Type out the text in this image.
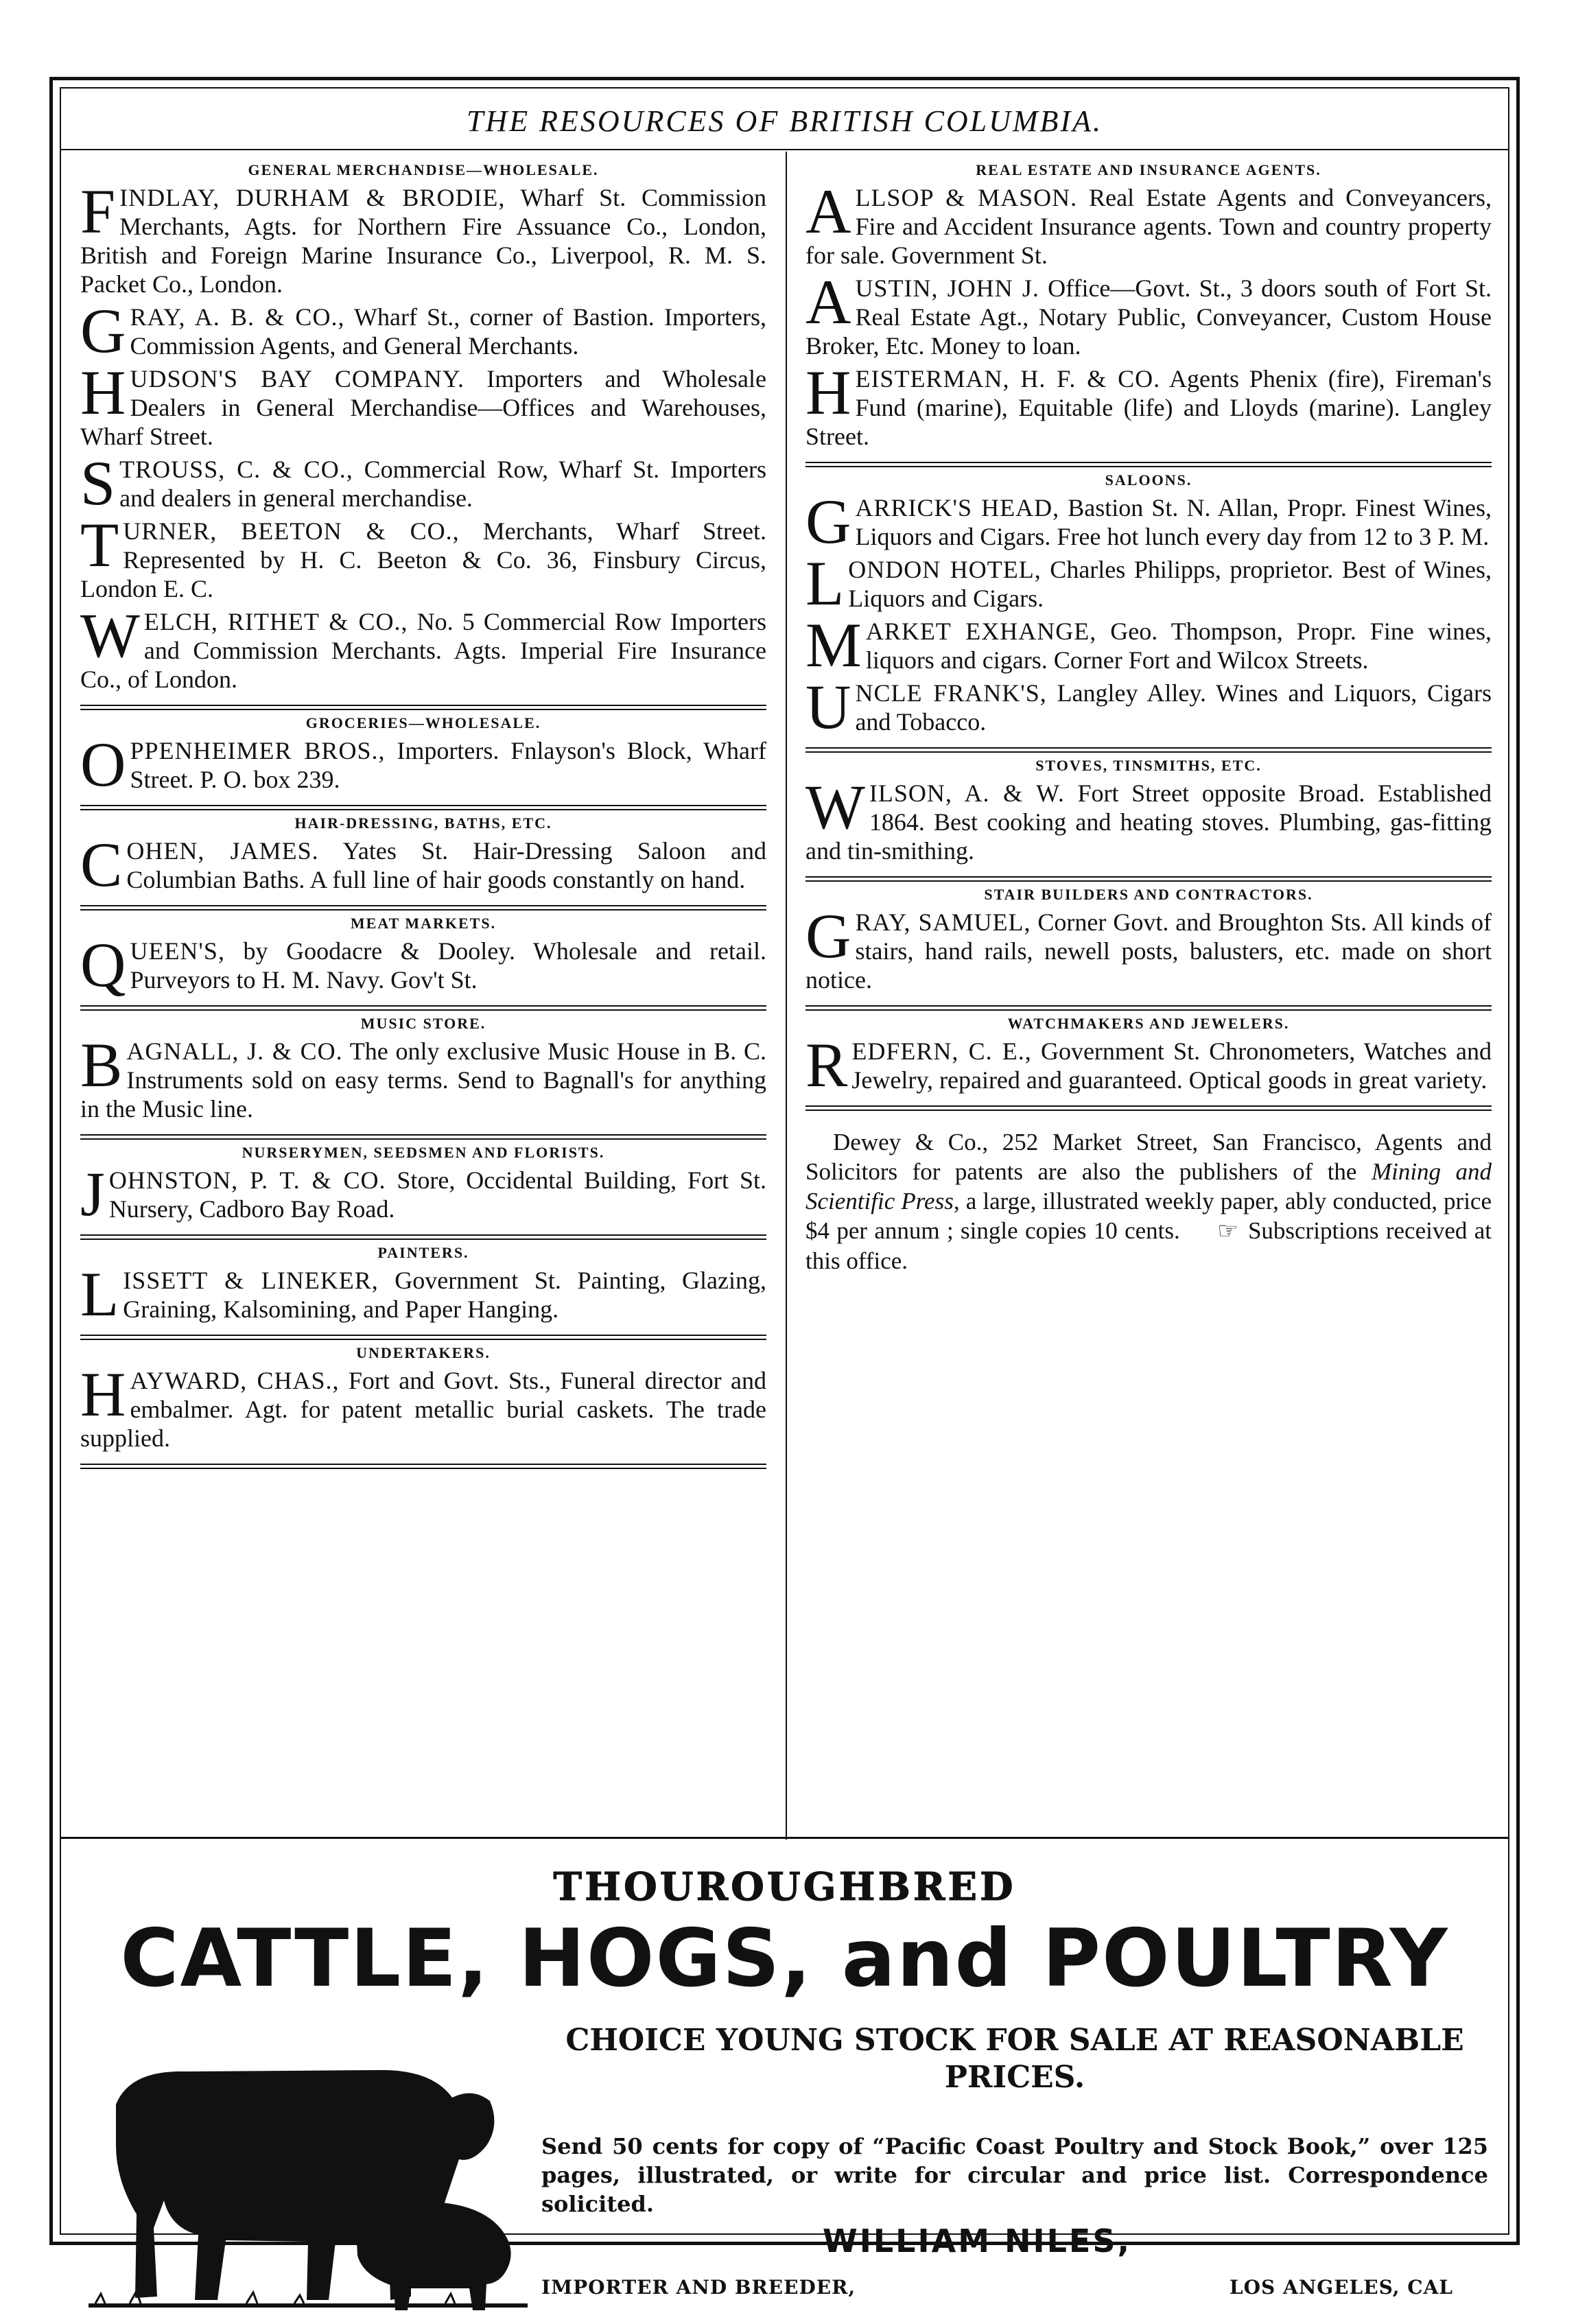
THE RESOURCES OF BRITISH COLUMBIA.
GENERAL MERCHANDISE—WHOLESALE.
FINDLAY, DURHAM & BRODIE, Wharf St. Commission Merchants, Agts. for Northern Fire Assuance Co., London, British and Foreign Marine Insurance Co., Liverpool, R. M. S. Packet Co., London.
GRAY, A. B. & CO., Wharf St., corner of Bastion. Importers, Commission Agents, and General Merchants.
HUDSON'S BAY COMPANY. Importers and Wholesale Dealers in General Merchandise—Offices and Warehouses, Wharf Street.
STROUSS, C. & CO., Commercial Row, Wharf St. Importers and dealers in general merchandise.
TURNER, BEETON & CO., Merchants, Wharf Street. Represented by H. C. Beeton & Co. 36, Finsbury Circus, London E. C.
WELCH, RITHET & CO., No. 5 Commercial Row Importers and Commission Merchants. Agts. Imperial Fire Insurance Co., of London.
GROCERIES—WHOLESALE.
OPPENHEIMER BROS., Importers. Fnlayson's Block, Wharf Street. P. O. box 239.
HAIR-DRESSING, BATHS, ETC.
COHEN, JAMES. Yates St. Hair-Dressing Saloon and Columbian Baths. A full line of hair goods constantly on hand.
MEAT MARKETS.
QUEEN'S, by Goodacre & Dooley. Wholesale and retail. Purveyors to H. M. Navy. Gov't St.
MUSIC STORE.
BAGNALL, J. & CO. The only exclusive Music House in B. C. Instruments sold on easy terms. Send to Bagnall's for anything in the Music line.
NURSERYMEN, SEEDSMEN AND FLORISTS.
JOHNSTON, P. T. & CO. Store, Occidental Building, Fort St. Nursery, Cadboro Bay Road.
PAINTERS.
LISSETT & LINEKER, Government St. Painting, Glazing, Graining, Kalsomining, and Paper Hanging.
UNDERTAKERS.
HAYWARD, CHAS., Fort and Govt. Sts., Funeral director and embalmer. Agt. for patent metallic burial caskets. The trade supplied.
REAL ESTATE AND INSURANCE AGENTS.
ALLSOP & MASON. Real Estate Agents and Conveyancers, Fire and Accident Insurance agents. Town and country property for sale. Government St.
AUSTIN, JOHN J. Office—Govt. St., 3 doors south of Fort St. Real Estate Agt., Notary Public, Conveyancer, Custom House Broker, Etc. Money to loan.
HEISTERMAN, H. F. & CO. Agents Phenix (fire), Fireman's Fund (marine), Equitable (life) and Lloyds (marine). Langley Street.
SALOONS.
GARRICK'S HEAD, Bastion St. N. Allan, Propr. Finest Wines, Liquors and Cigars. Free hot lunch every day from 12 to 3 P. M.
LONDON HOTEL, Charles Philipps, proprietor. Best of Wines, Liquors and Cigars.
MARKET EXHANGE, Geo. Thompson, Propr. Fine wines, liquors and cigars. Corner Fort and Wilcox Streets.
UNCLE FRANK'S, Langley Alley. Wines and Liquors, Cigars and Tobacco.
STOVES, TINSMITHS, ETC.
WILSON, A. & W. Fort Street opposite Broad. Established 1864. Best cooking and heating stoves. Plumbing, gas-fitting and tin-smithing.
STAIR BUILDERS AND CONTRACTORS.
GRAY, SAMUEL, Corner Govt. and Broughton Sts. All kinds of stairs, hand rails, newell posts, balusters, etc. made on short notice.
WATCHMAKERS AND JEWELERS.
REDFERN, C. E., Government St. Chronometers, Watches and Jewelry, repaired and guaranteed. Optical goods in great variety.
Dewey & Co., 252 Market Street, San Francisco, Agents and Solicitors for patents are also the publishers of the Mining and Scientific Press, a large, illustrated weekly paper, ably conducted, price $4 per annum ; single copies 10 cents. ☞ Subscriptions received at this office.
THOUROUGHBRED
CATTLE, HOGS, and POULTRY
CHOICE YOUNG STOCK FOR SALE AT REASONABLE PRICES.
Send 50 cents for copy of “Pacific Coast Poultry and Stock Book,” over 125 pages, illustrated, or write for circular and price list. Correspondence solicited.
WILLIAM NILES,
IMPORTER AND BREEDER,	LOS ANGELES, CAL
